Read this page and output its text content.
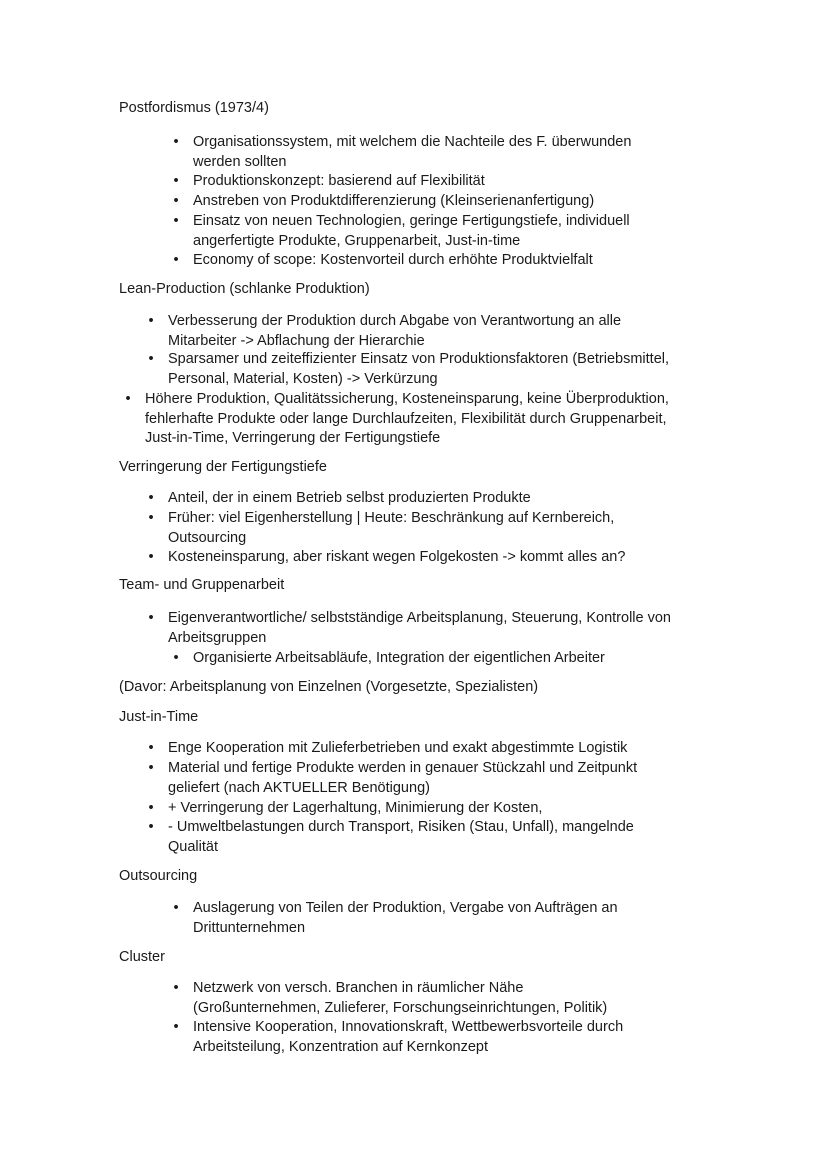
Postfordismus (1973/4)
• Organisationssystem, mit welchem die Nachteile des F. überwunden
werden sollten
• Produktionskonzept: basierend auf Flexibilität
• Anstreben von Produktdifferenzierung (Kleinserienanfertigung)
• Einsatz von neuen Technologien, geringe Fertigungstiefe, individuell
angerfertigte Produkte, Gruppenarbeit, Just-in-time
• Economy of scope: Kostenvorteil durch erhöhte Produktvielfalt
Lean-Production (schlanke Produktion)
• Verbesserung der Produktion durch Abgabe von Verantwortung an alle
Mitarbeiter -> Abflachung der Hierarchie
• Sparsamer und zeiteffizienter Einsatz von Produktionsfaktoren (Betriebsmittel,
Personal, Material, Kosten) -> Verkürzung
• Höhere Produktion, Qualitätssicherung, Kosteneinsparung, keine Überproduktion,
fehlerhafte Produkte oder lange Durchlaufzeiten, Flexibilität durch Gruppenarbeit,
Just-in-Time, Verringerung der Fertigungstiefe
Verringerung der Fertigungstiefe
• Anteil, der in einem Betrieb selbst produzierten Produkte
• Früher: viel Eigenherstellung | Heute: Beschränkung auf Kernbereich,
Outsourcing
• Kosteneinsparung, aber riskant wegen Folgekosten -> kommt alles an?
Team- und Gruppenarbeit
• Eigenverantwortliche/ selbstständige Arbeitsplanung, Steuerung, Kontrolle von
Arbeitsgruppen
• Organisierte Arbeitsabläufe, Integration der eigentlichen Arbeiter
(Davor: Arbeitsplanung von Einzelnen (Vorgesetzte, Spezialisten)
Just-in-Time
• Enge Kooperation mit Zulieferbetrieben und exakt abgestimmte Logistik
• Material und fertige Produkte werden in genauer Stückzahl und Zeitpunkt
geliefert (nach AKTUELLER Benötigung)
• + Verringerung der Lagerhaltung, Minimierung der Kosten,
• - Umweltbelastungen durch Transport, Risiken (Stau, Unfall), mangelnde
Qualität
Outsourcing
• Auslagerung von Teilen der Produktion, Vergabe von Aufträgen an
Drittunternehmen
Cluster
• Netzwerk von versch. Branchen in räumlicher Nähe
(Großunternehmen, Zulieferer, Forschungseinrichtungen, Politik)
• Intensive Kooperation, Innovationskraft, Wettbewerbsvorteile durch
Arbeitsteilung, Konzentration auf Kernkonzept
